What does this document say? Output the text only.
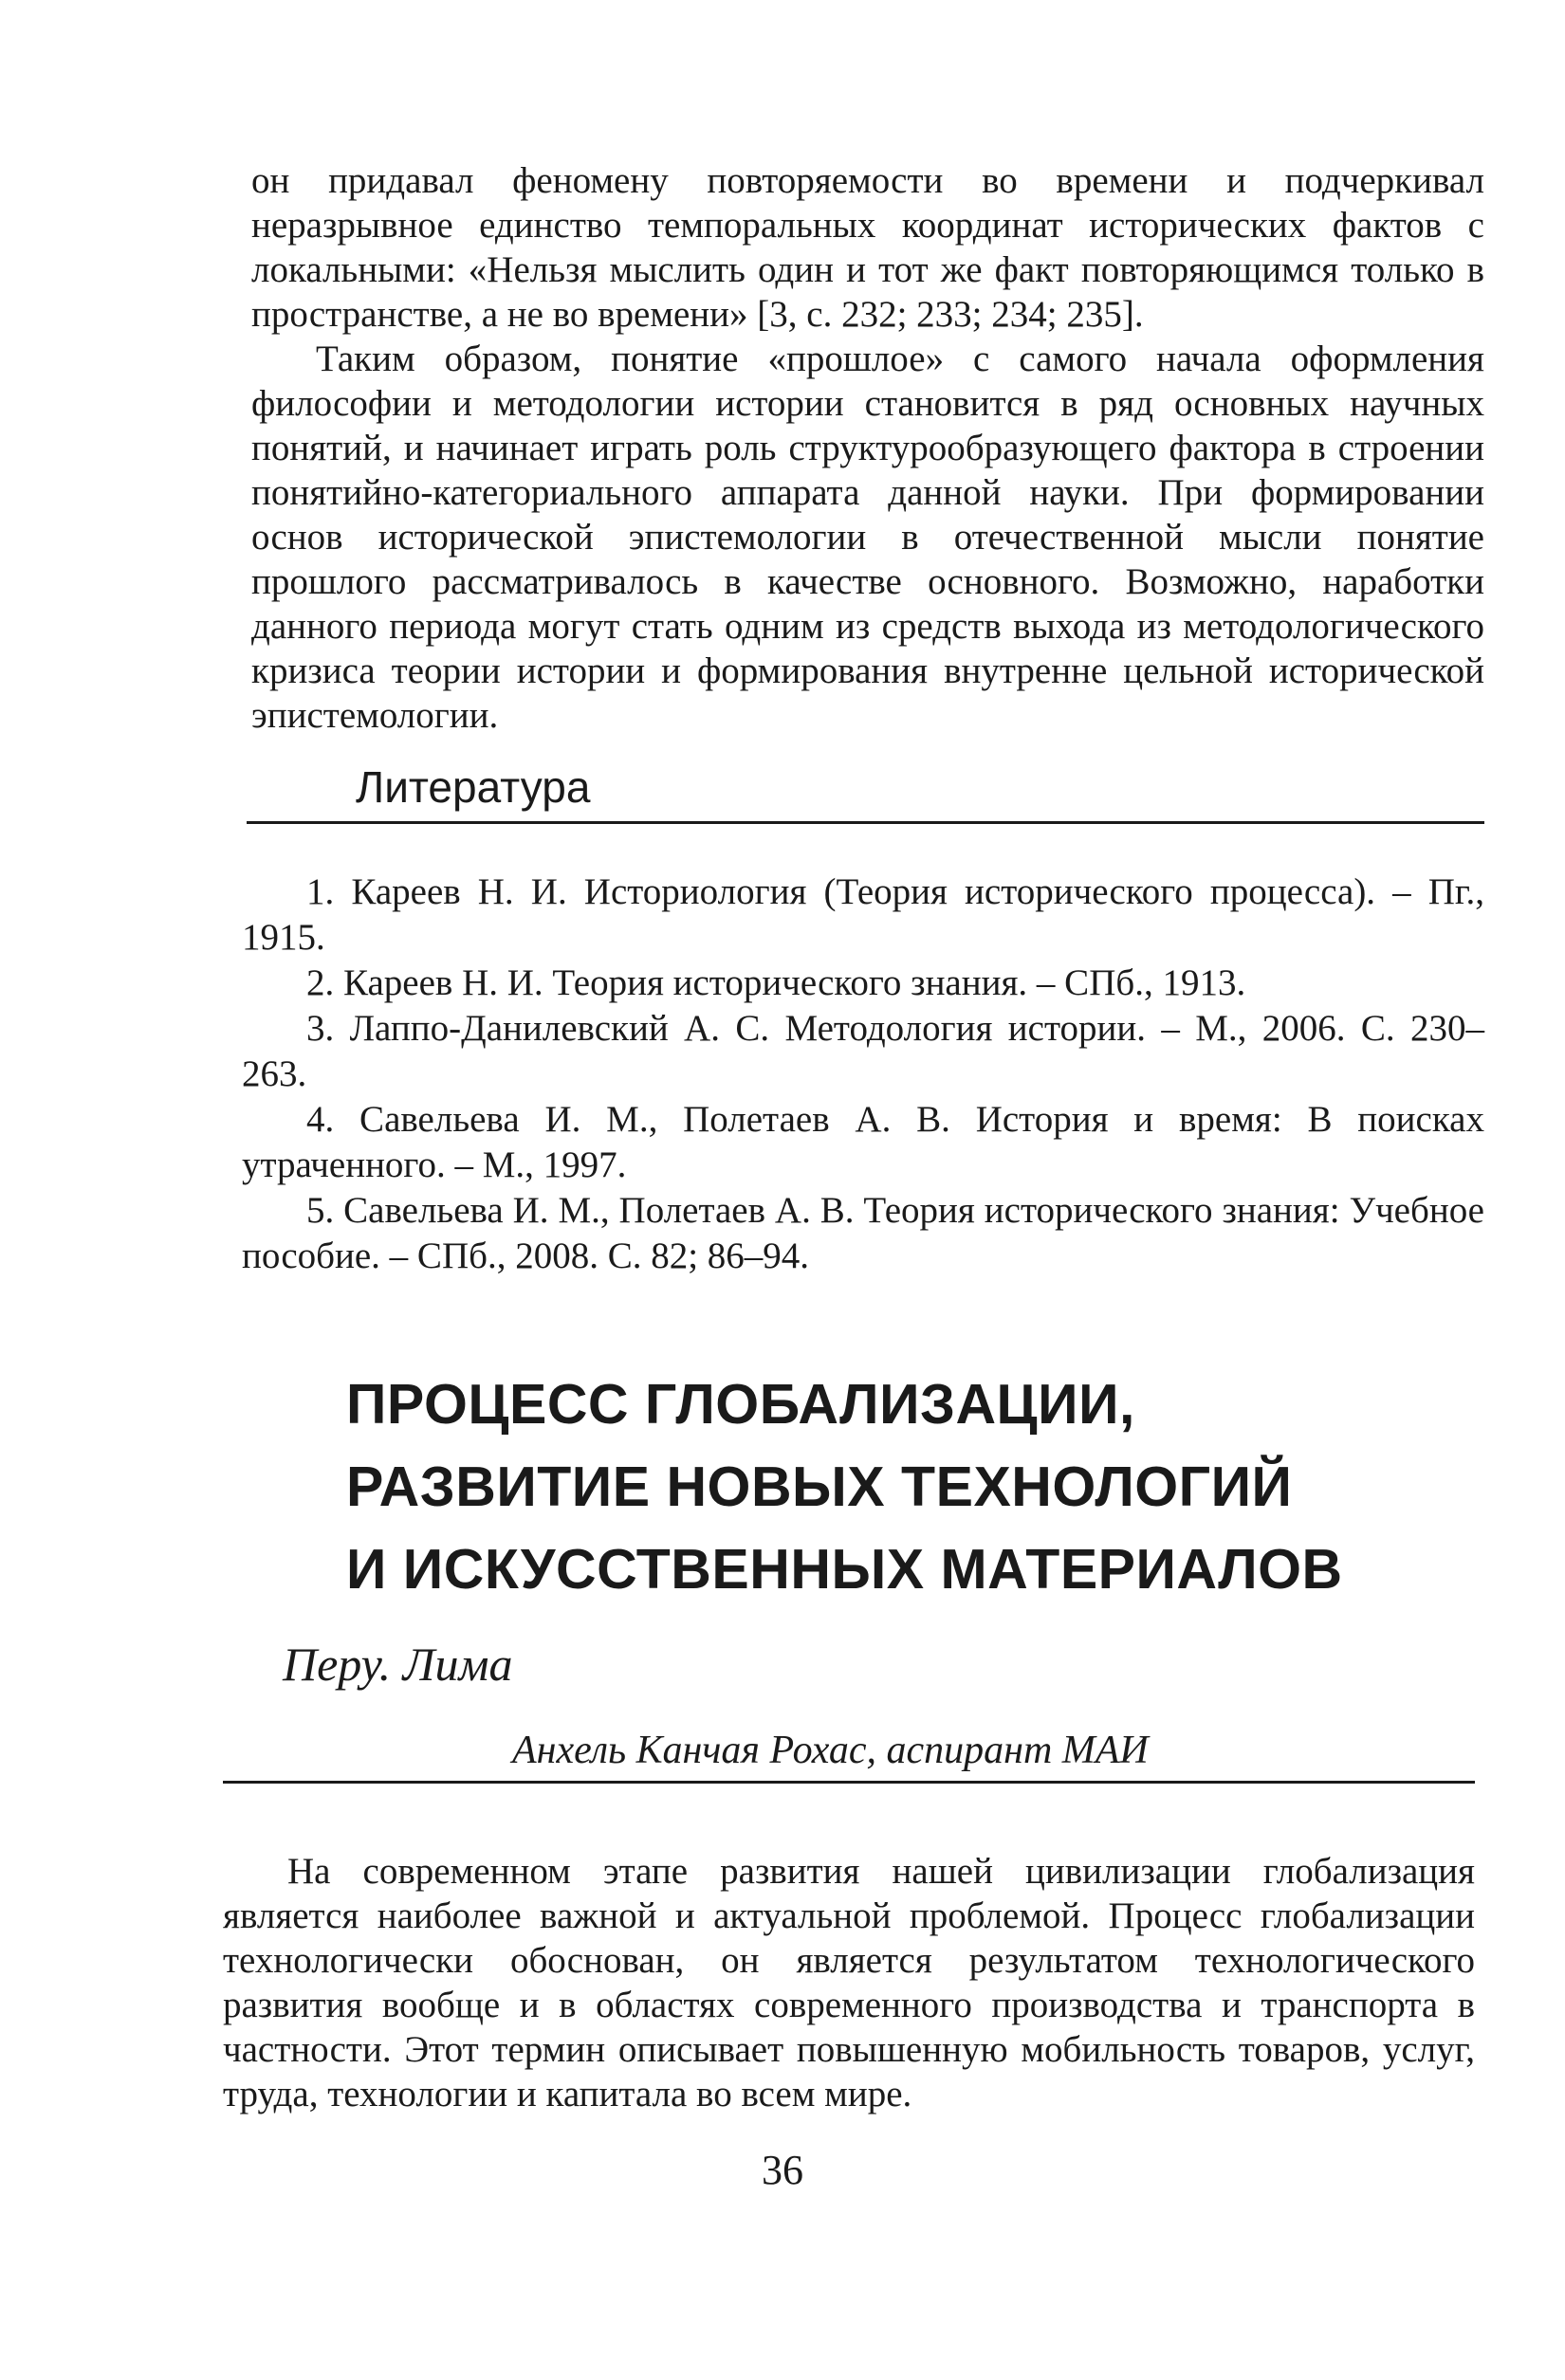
он придавал феномену повторяемости во времени и подчеркивал неразрывное единство темпоральных координат исторических фактов с локальными: «Нельзя мыслить один и тот же факт повторяющимся только в пространстве, а не во времени» [3, с. 232; 233; 234; 235].

Таким образом, понятие «прошлое» с самого начала оформления философии и методологии истории становится в ряд основных научных понятий, и начинает играть роль структурообразующего фактора в строении понятийно-категориального аппарата данной науки. При формировании основ исторической эпистемологии в отечественной мысли понятие прошлого рассматривалось в качестве основного. Возможно, наработки данного периода могут стать одним из средств выхода из методологического кризиса теории истории и формирования внутренне цельной исторической эпистемологии.

Литература
1. Кареев Н. И. Историология (Теория исторического процесса). – Пг., 1915.
2. Кареев Н. И. Теория исторического знания. – СПб., 1913.
3. Лаппо-Данилевский А. С. Методология истории. – М., 2006. С. 230–263.
4. Савельева И. М., Полетаев А. В. История и время: В поисках утраченного. – М., 1997.
5. Савельева И. М., Полетаев А. В. Теория исторического знания: Учебное пособие. – СПб., 2008. С. 82; 86–94.
ПРОЦЕСС ГЛОБАЛИЗАЦИИ,
РАЗВИТИЕ НОВЫХ ТЕХНОЛОГИЙ
И ИСКУССТВЕННЫХ МАТЕРИАЛОВ

Перу. Лима

Анхель Канчая Рохас, аспирант МАИ

На современном этапе развития нашей цивилизации глобализация является наиболее важной и актуальной проблемой. Процесс глобализации технологически обоснован, он является результатом технологического развития вообще и в областях современного производства и транспорта в частности. Этот термин описывает повышенную мобильность товаров, услуг, труда, технологии и капитала во всем мире.

36
